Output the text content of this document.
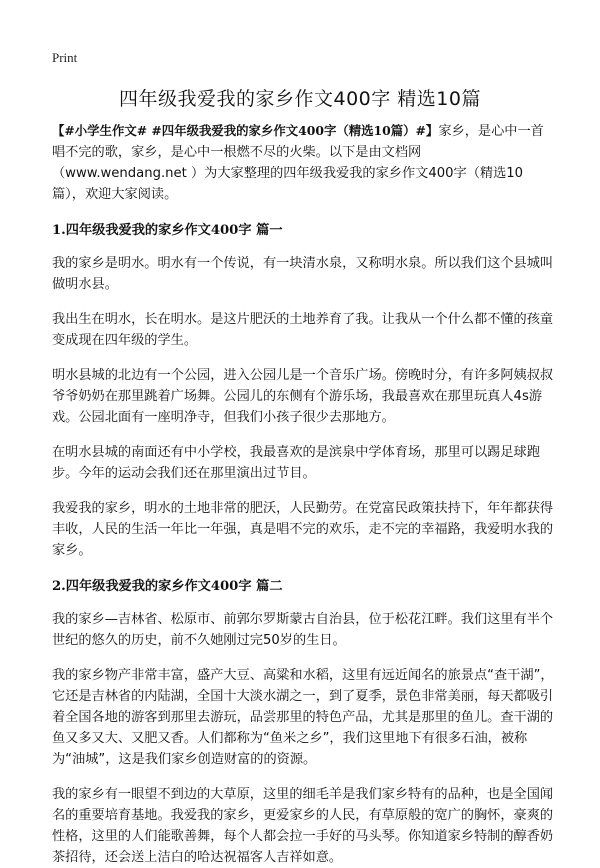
Print
四年级我爱我的家乡作文400字 精选10篇

【#小学生作文# #四年级我爱我的家乡作文400字（精选10篇）#】家乡，是心中一首唱不完的歌，家乡，是心中一根燃不尽的火柴。以下是由文档网（www.wendang.net ）为大家整理的四年级我爱我的家乡作文400字（精选10篇），欢迎大家阅读。

1.四年级我爱我的家乡作文400字 篇一

我的家乡是明水。明水有一个传说，有一块清水泉，又称明水泉。所以我们这个县城叫做明水县。

我出生在明水，长在明水。是这片肥沃的土地养育了我。让我从一个什么都不懂的孩童变成现在四年级的学生。

明水县城的北边有一个公园，进入公园儿是一个音乐广场。傍晚时分，有许多阿姨叔叔爷爷奶奶在那里跳着广场舞。公园儿的东侧有个游乐场，我最喜欢在那里玩真人4s游戏。公园北面有一座明净寺，但我们小孩子很少去那地方。

在明水县城的南面还有中小学校，我最喜欢的是滨泉中学体育场，那里可以踢足球跑步。今年的运动会我们还在那里演出过节目。

我爱我的家乡，明水的土地非常的肥沃，人民勤劳。在党富民政策扶持下，年年都获得丰收，人民的生活一年比一年强，真是唱不完的欢乐，走不完的幸福路，我爱明水我的家乡。

2.四年级我爱我的家乡作文400字 篇二

我的家乡—吉林省、松原市、前郭尔罗斯蒙古自治县，位于松花江畔。我们这里有半个世纪的悠久的历史，前不久她刚过完50岁的生日。

我的家乡物产非常丰富，盛产大豆、高粱和水稻，这里有远近闻名的旅景点“查干湖”，它还是吉林省的内陆湖，全国十大淡水湖之一，到了夏季，景色非常美丽，每天都吸引着全国各地的游客到那里去游玩，品尝那里的特色产品，尤其是那里的鱼儿。查干湖的鱼又多又大、又肥又香。人们都称为“鱼米之乡”，我们这里地下有很多石油，被称为“油城”，这是我们家乡创造财富的的资源。

我的家乡有一眼望不到边的大草原，这里的细毛羊是我们家乡特有的品种，也是全国闻名的重要培育基地。我爱我的家乡，更爱家乡的人民，有草原般的宽广的胸怀，豪爽的性格，这里的人们能歌善舞，每个人都会拉一手好的马头琴。你知道家乡特制的醇香奶茶招待，还会送上洁白的哈达祝福客人吉祥如意。
